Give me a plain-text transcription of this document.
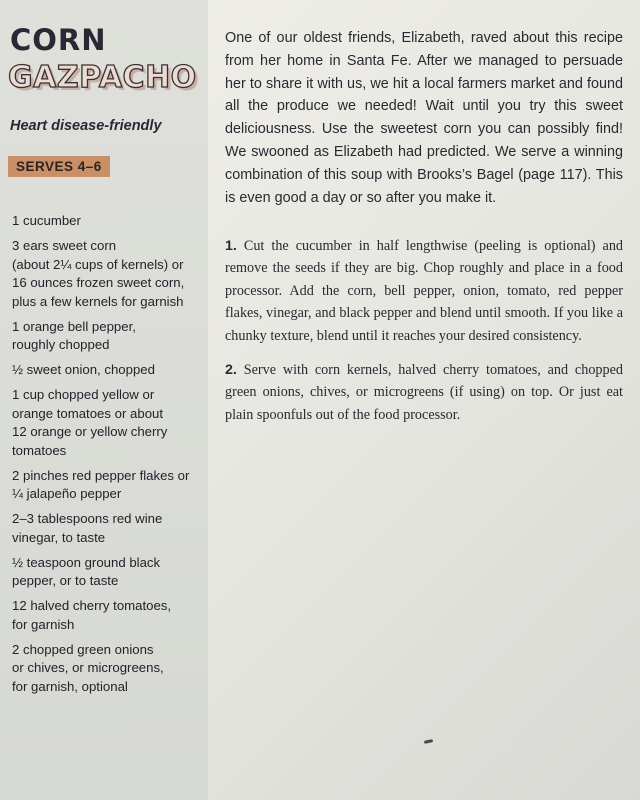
CORN
GAZPACHO
Heart disease-friendly
SERVES 4–6
1 cucumber
3 ears sweet corn
(about 2¼ cups of kernels) or
16 ounces frozen sweet corn,
plus a few kernels for garnish
1 orange bell pepper,
roughly chopped
½ sweet onion, chopped
1 cup chopped yellow or
orange tomatoes or about
12 orange or yellow cherry
tomatoes
2 pinches red pepper flakes or
¼ jalapeño pepper
2–3 tablespoons red wine
vinegar, to taste
½ teaspoon ground black
pepper, or to taste
12 halved cherry tomatoes,
for garnish
2 chopped green onions
or chives, or microgreens,
for garnish, optional

One of our oldest friends, Elizabeth, raved about this recipe from her home in Santa Fe. After we managed to persuade her to share it with us, we hit a local farmers market and found all the produce we needed! Wait until you try this sweet deliciousness. Use the sweetest corn you can possibly find! We swooned as Elizabeth had predicted. We serve a winning combination of this soup with Brooks’s Bagel (page 117). This is even good a day or so after you make it.

1. Cut the cucumber in half lengthwise (peeling is optional) and remove the seeds if they are big. Chop roughly and place in a food processor. Add the corn, bell pepper, onion, tomato, red pepper flakes, vinegar, and black pepper and blend until smooth. If you like a chunky texture, blend until it reaches your desired consistency.
2. Serve with corn kernels, halved cherry tomatoes, and chopped green onions, chives, or microgreens (if using) on top. Or just eat plain spoonfuls out of the food processor.
